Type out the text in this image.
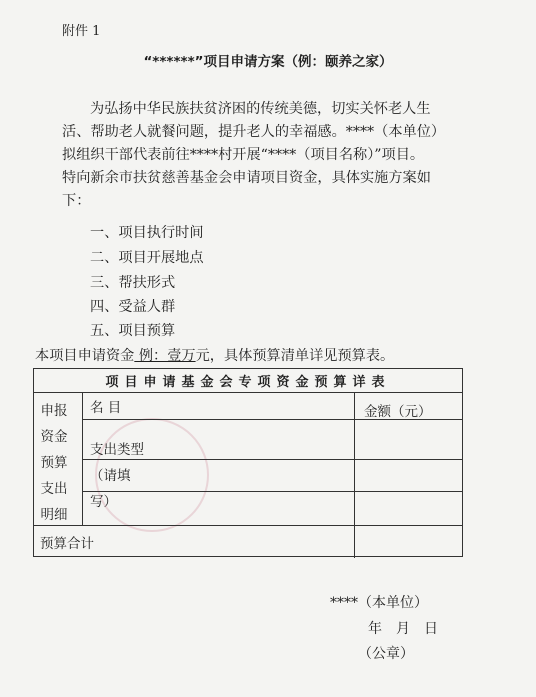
附件 1
“******”项目申请方案（例：颐养之家）
为弘扬中华民族扶贫济困的传统美德，切实关怀老人生
活、帮助老人就餐问题，提升老人的幸福感。****（本单位）
拟组织干部代表前往****村开展“****（项目名称）”项目。
特向新余市扶贫慈善基金会申请项目资金，具体实施方案如
下：
一、项目执行时间
二、项目开展地点
三、帮扶形式
四、受益人群
五、项目预算
本项目申请资金 例：壹万元，具体预算清单详见预算表。
项目申请基金会专项资金预算详表
申报资金预算支出明细
名 目	金额（元）
支出类型（请填写）
预算合计
****（本单位）
年　月　日
（公章）
